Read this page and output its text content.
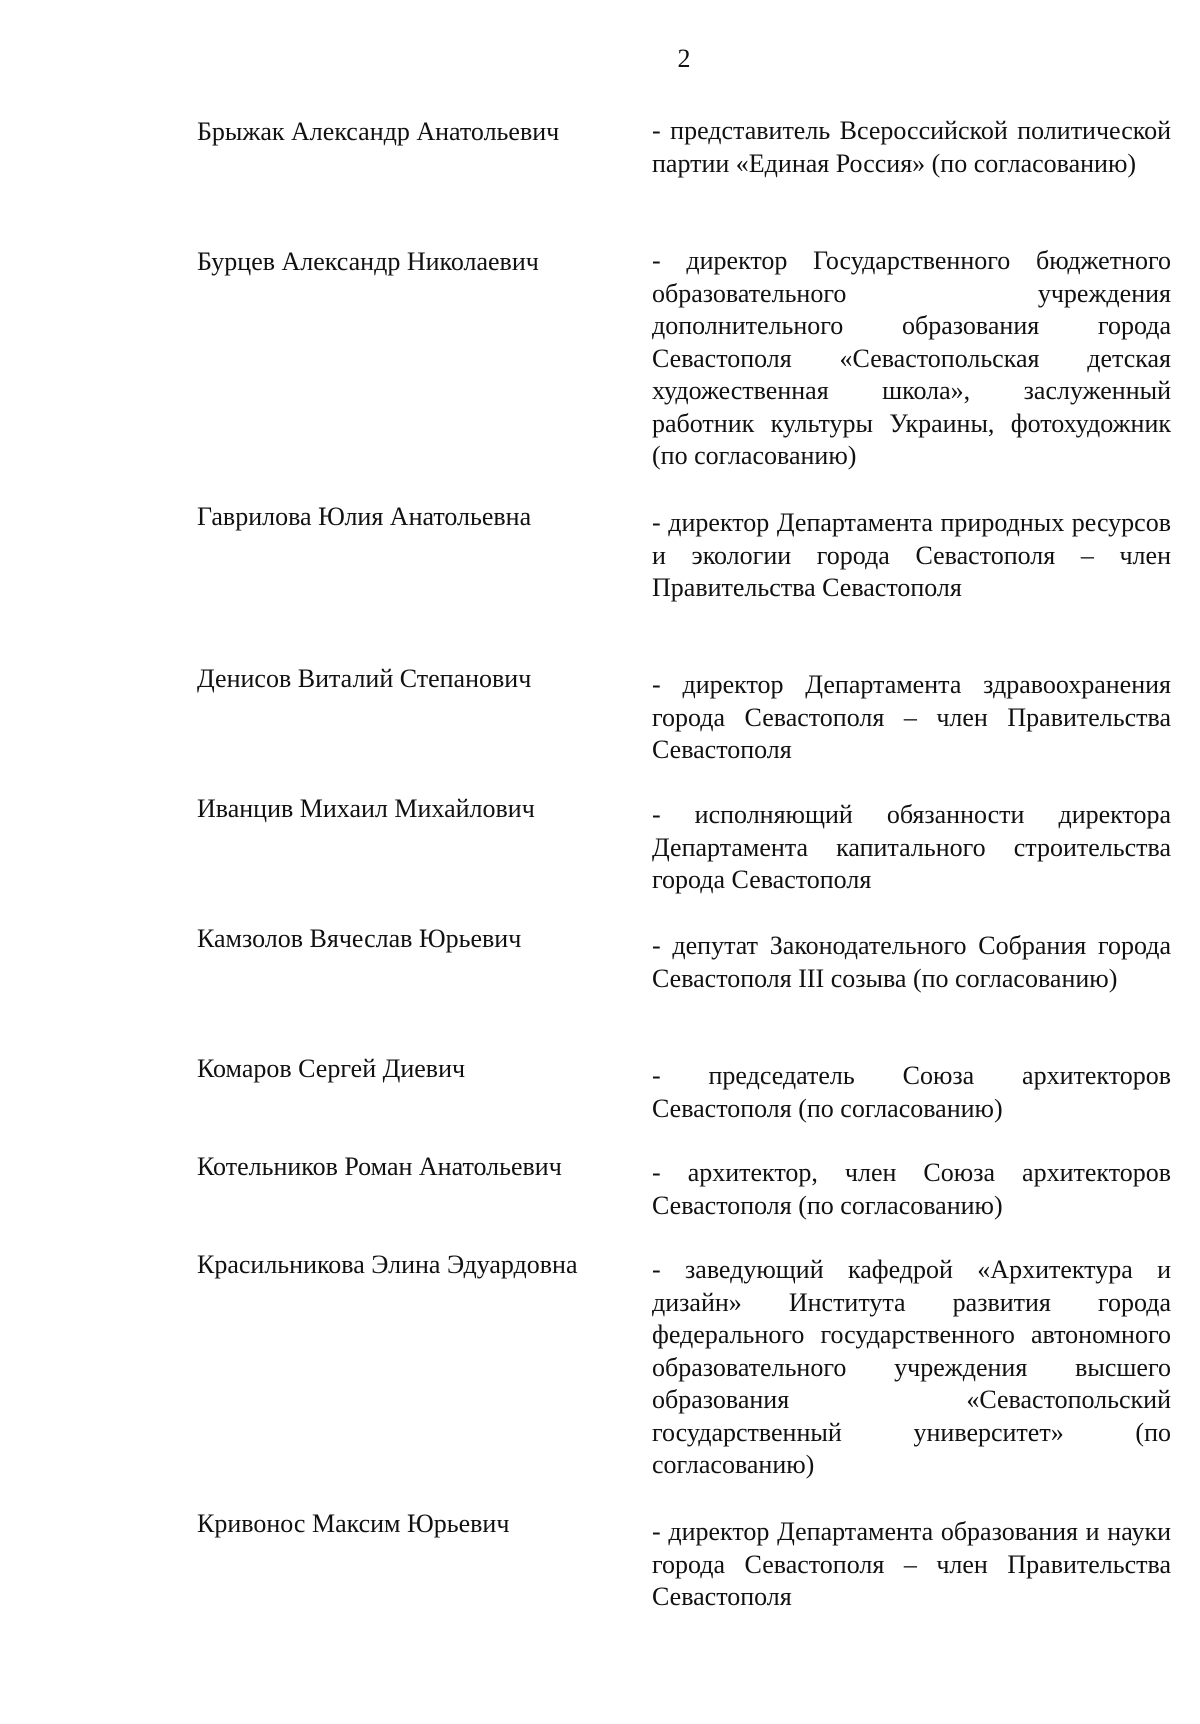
2
Брыжак Александр Анатольевич	- представитель Всероссийской политической партии «Единая Россия» (по согласованию)
Бурцев Александр Николаевич	- директор Государственного бюджетного образовательного учреждения дополнительного образования города Севастополя «Севастопольская детская художественная школа», заслуженный работник культуры Украины, фотохудожник (по согласованию)
Гаврилова Юлия Анатольевна	- директор Департамента природных ресурсов и экологии города Севастополя – член Правительства Севастополя
Денисов Виталий Степанович	- директор Департамента здравоохранения города Севастополя – член Правительства Севастополя
Иванцив Михаил Михайлович	- исполняющий обязанности директора Департамента капитального строительства города Севастополя
Камзолов Вячеслав Юрьевич	- депутат Законодательного Собрания города Севастополя III созыва (по согласованию)
Комаров Сергей Диевич	- председатель Союза архитекторов Севастополя (по согласованию)
Котельников Роман Анатольевич	- архитектор, член Союза архитекторов Севастополя (по согласованию)
Красильникова Элина Эдуардовна	- заведующий кафедрой «Архитектура и дизайн» Института развития города федерального государственного автономного образовательного учреждения высшего образования «Севастопольский государственный университет» (по согласованию)
Кривонос Максим Юрьевич	- директор Департамента образования и науки города Севастополя – член Правительства Севастополя
